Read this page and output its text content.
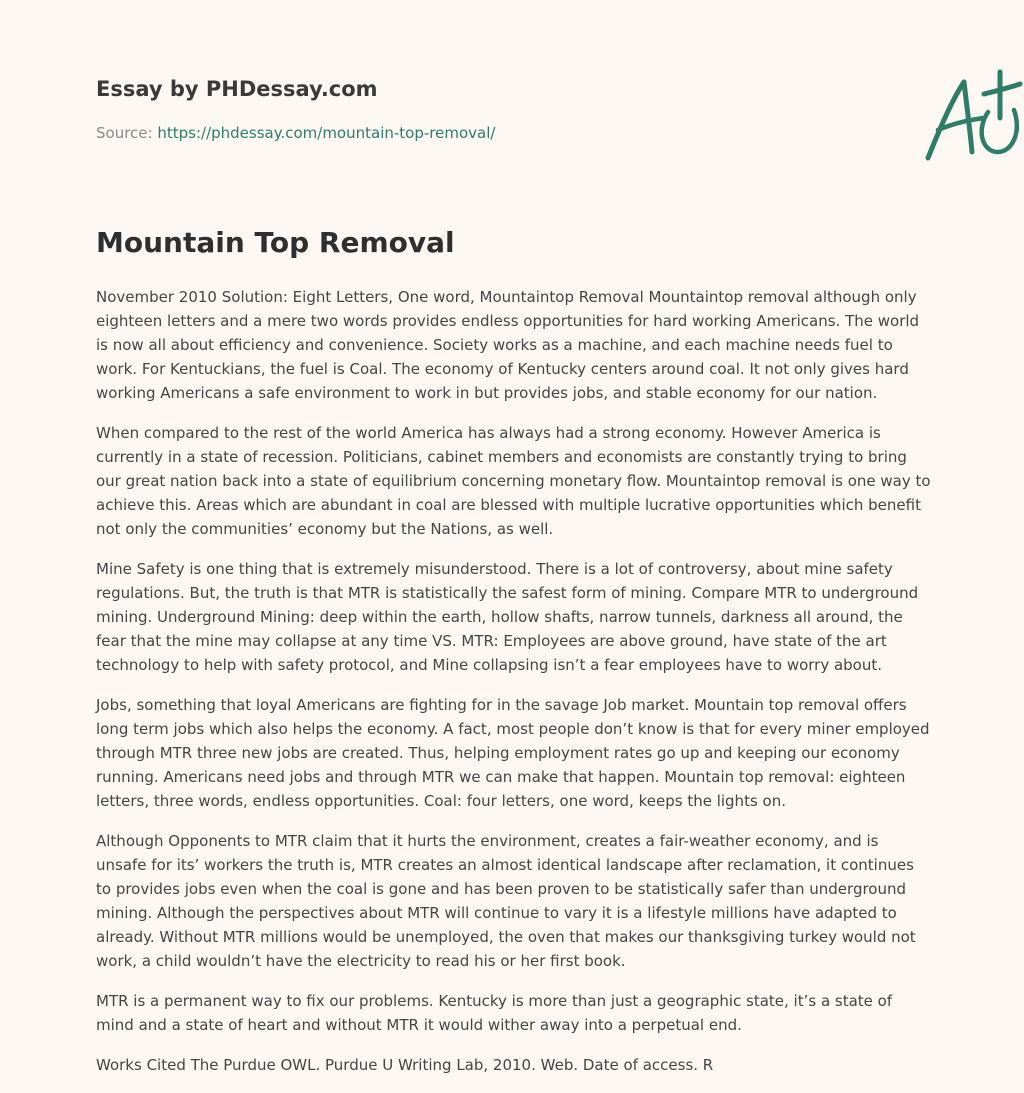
Essay by PHDessay.com
Source: https://phdessay.com/mountain-top-removal/
Mountain Top Removal

November 2010 Solution: Eight Letters, One word, Mountaintop Removal Mountaintop removal although only eighteen letters and a mere two words provides endless opportunities for hard working Americans. The world is now all about efficiency and convenience. Society works as a machine, and each machine needs fuel to work. For Kentuckians, the fuel is Coal. The economy of Kentucky centers around coal. It not only gives hard working Americans a safe environment to work in but provides jobs, and stable economy for our nation.

When compared to the rest of the world America has always had a strong economy. However America is currently in a state of recession. Politicians, cabinet members and economists are constantly trying to bring our great nation back into a state of equilibrium concerning monetary flow. Mountaintop removal is one way to achieve this. Areas which are abundant in coal are blessed with multiple lucrative opportunities which benefit not only the communities’ economy but the Nations, as well.

Mine Safety is one thing that is extremely misunderstood. There is a lot of controversy, about mine safety regulations. But, the truth is that MTR is statistically the safest form of mining. Compare MTR to underground mining. Underground Mining: deep within the earth, hollow shafts, narrow tunnels, darkness all around, the fear that the mine may collapse at any time VS. MTR: Employees are above ground, have state of the art technology to help with safety protocol, and Mine collapsing isn’t a fear employees have to worry about.

Jobs, something that loyal Americans are fighting for in the savage Job market. Mountain top removal offers long term jobs which also helps the economy. A fact, most people don’t know is that for every miner employed through MTR three new jobs are created. Thus, helping employment rates go up and keeping our economy running. Americans need jobs and through MTR we can make that happen. Mountain top removal: eighteen letters, three words, endless opportunities. Coal: four letters, one word, keeps the lights on.

Although Opponents to MTR claim that it hurts the environment, creates a fair-weather economy, and is unsafe for its’ workers the truth is, MTR creates an almost identical landscape after reclamation, it continues to provides jobs even when the coal is gone and has been proven to be statistically safer than underground mining. Although the perspectives about MTR will continue to vary it is a lifestyle millions have adapted to already. Without MTR millions would be unemployed, the oven that makes our thanksgiving turkey would not work, a child wouldn’t have the electricity to read his or her first book.

MTR is a permanent way to fix our problems. Kentucky is more than just a geographic state, it’s a state of mind and a state of heart and without MTR it would wither away into a perpetual end.

Works Cited The Purdue OWL. Purdue U Writing Lab, 2010. Web. Date of access. R
